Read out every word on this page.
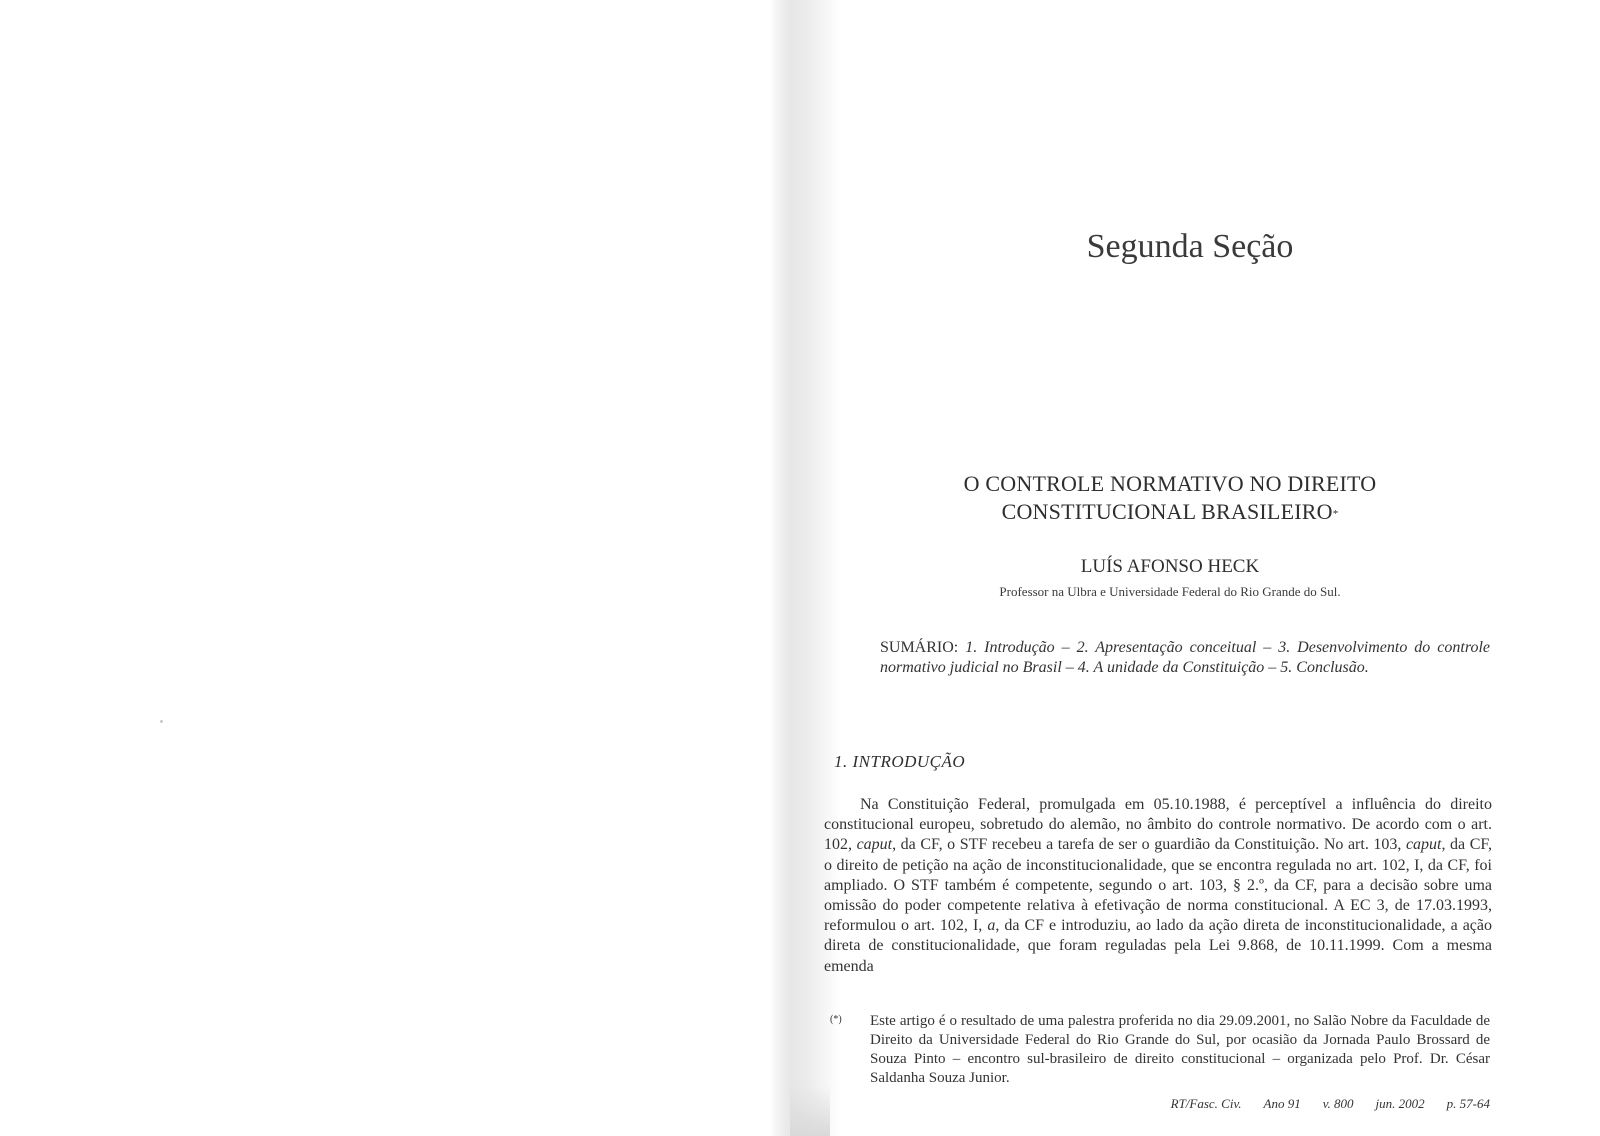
Segunda Seção
O CONTROLE NORMATIVO NO DIREITO
CONSTITUCIONAL BRASILEIRO*

LUÍS AFONSO HECK

Professor na Ulbra e Universidade Federal do Rio Grande do Sul.

SUMÁRIO: 1. Introdução – 2. Apresentação conceitual – 3. Desenvolvimento do controle normativo judicial no Brasil – 4. A unidade da Constituição – 5. Conclusão.

1. INTRODUÇÃO

Na Constituição Federal, promulgada em 05.10.1988, é perceptível a influência do direito constitucional europeu, sobretudo do alemão, no âmbito do controle normativo. De acordo com o art. 102, caput, da CF, o STF recebeu a tarefa de ser o guardião da Constituição. No art. 103, caput, da CF, o direito de petição na ação de inconstitucionalidade, que se encontra regulada no art. 102, I, da CF, foi ampliado. O STF também é competente, segundo o art. 103, § 2.º, da CF, para a decisão sobre uma omissão do poder competente relativa à efetivação de norma constitucional. A EC 3, de 17.03.1993, reformulou o art. 102, I, a, da CF e introduziu, ao lado da ação direta de inconstitucionalidade, a ação direta de constitucionalidade, que foram reguladas pela Lei 9.868, de 10.11.1999. Com a mesma emenda

(*) Este artigo é o resultado de uma palestra proferida no dia 29.09.2001, no Salão Nobre da Faculdade de Direito da Universidade Federal do Rio Grande do Sul, por ocasião da Jornada Paulo Brossard de Souza Pinto – encontro sul-brasileiro de direito constitucional – organizada pelo Prof. Dr. César Saldanha Souza Junior.
RT/Fasc. Civ. Ano 91 v. 800 jun. 2002 p. 57-64
